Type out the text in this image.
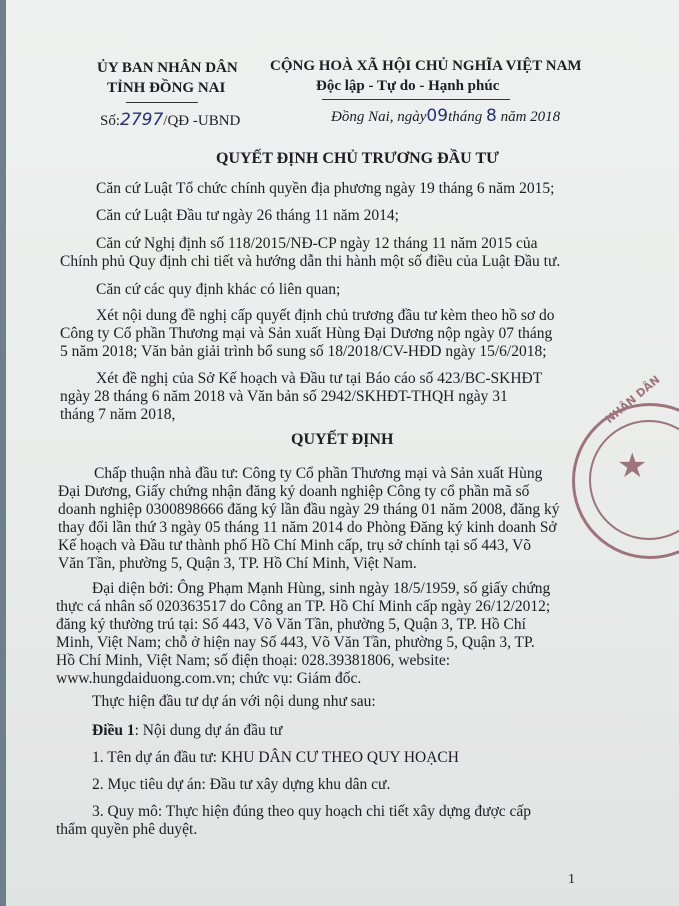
ỦY BAN NHÂN DÂN
TỈNH ĐỒNG NAI
CỘNG HOÀ XÃ HỘI CHỦ NGHĨA VIỆT NAM
Độc lập - Tự do - Hạnh phúc
Số:2797/QĐ -UBND	Đồng Nai, ngày09tháng 8 năm 2018
QUYẾT ĐỊNH CHỦ TRƯƠNG ĐẦU TƯ
Căn cứ Luật Tổ chức chính quyền địa phương ngày 19 tháng 6 năm 2015;
Căn cứ Luật Đầu tư ngày 26 tháng 11 năm 2014;
Căn cứ Nghị định số 118/2015/NĐ-CP ngày 12 tháng 11 năm 2015 của
Chính phủ Quy định chi tiết và hướng dẫn thi hành một số điều của Luật Đầu tư.
Căn cứ các quy định khác có liên quan;
Xét nội dung đề nghị cấp quyết định chủ trương đầu tư kèm theo hồ sơ do
Công ty Cổ phần Thương mại và Sản xuất Hùng Đại Dương nộp ngày 07 tháng
5 năm 2018; Văn bản giải trình bổ sung số 18/2018/CV-HĐD ngày 15/6/2018;
Xét đề nghị của Sở Kế hoạch và Đầu tư tại Báo cáo số 423/BC-SKHĐT
ngày 28 tháng 6 năm 2018 và Văn bản số 2942/SKHĐT-THQH ngày 31
tháng 7 năm 2018,
QUYẾT ĐỊNH
Chấp thuận nhà đầu tư: Công ty Cổ phần Thương mại và Sản xuất Hùng
Đại Dương, Giấy chứng nhận đăng ký doanh nghiệp Công ty cổ phần mã số
doanh nghiệp 0300898666 đăng ký lần đầu ngày 29 tháng 01 năm 2008, đăng ký
thay đổi lần thứ 3 ngày 05 tháng 11 năm 2014 do Phòng Đăng ký kinh doanh Sở
Kế hoạch và Đầu tư thành phố Hồ Chí Minh cấp, trụ sở chính tại số 443, Võ
Văn Tần, phường 5, Quận 3, TP. Hồ Chí Minh, Việt Nam.
Đại diện bởi: Ông Phạm Mạnh Hùng, sinh ngày 18/5/1959, số giấy chứng
thực cá nhân số 020363517 do Công an TP. Hồ Chí Minh cấp ngày 26/12/2012;
đăng ký thường trú tại: Số 443, Võ Văn Tần, phường 5, Quận 3, TP. Hồ Chí
Minh, Việt Nam; chỗ ở hiện nay Số 443, Võ Văn Tần, phường 5, Quận 3, TP.
Hồ Chí Minh, Việt Nam; số điện thoại: 028.39381806, website:
www.hungdaiduong.com.vn; chức vụ: Giám đốc.
Thực hiện đầu tư dự án với nội dung như sau:
Điều 1: Nội dung dự án đầu tư
1. Tên dự án đầu tư: KHU DÂN CƯ THEO QUY HOẠCH
2. Mục tiêu dự án: Đầu tư xây dựng khu dân cư.
3. Quy mô: Thực hiện đúng theo quy hoạch chi tiết xây dựng được cấp
thẩm quyền phê duyệt.
1
★
NHÂN DÂN
